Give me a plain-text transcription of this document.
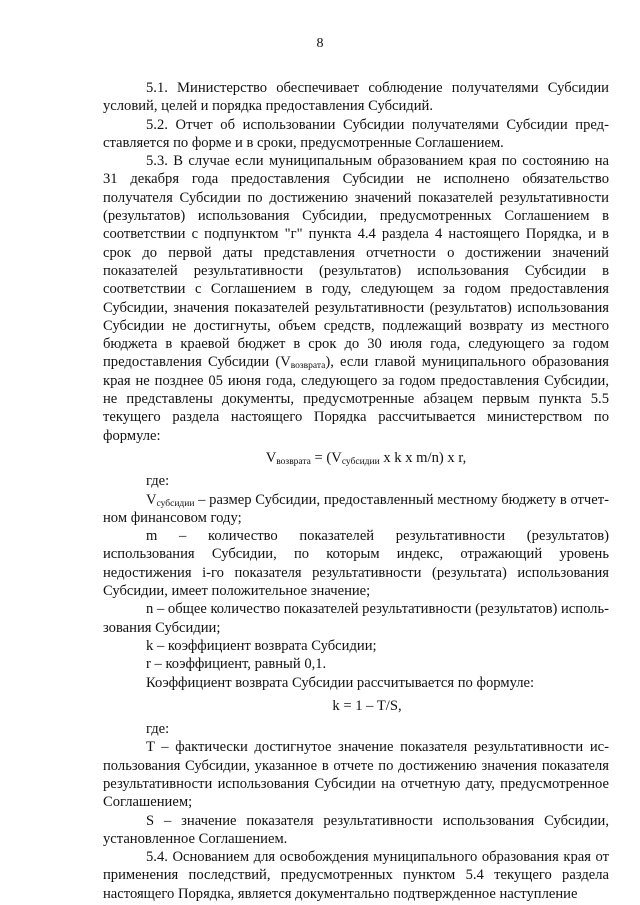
8

5.1. Министерство обеспечивает соблюдение получателями Субсидии условий, целей и порядка предоставления Субсидий.

5.2. Отчет об использовании Субсидии получателями Субсидии представляется по форме и в сроки, предусмотренные Соглашением.

5.3. В случае если муниципальным образованием края по состоянию на 31 декабря года предоставления Субсидии не исполнено обязательство получателя Субсидии по достижению значений показателей результативности (результатов) использования Субсидии, предусмотренных Соглашением в соответствии с подпунктом "г" пункта 4.4 раздела 4 настоящего Порядка, и в срок до первой даты представления отчетности о достижении значений показателей результативности (результатов) использования Субсидии в соответствии с Соглашением в году, следующем за годом предоставления Субсидии, значения показателей результативности (результатов) использования Субсидии не достигнуты, объем средств, подлежащий возврату из местного бюджета в краевой бюджет в срок до 30 июля года, следующего за годом предоставления Субсидии $(V_{возврата})$, если главой муниципального образования края не позднее 05 июня года, следующего за годом предоставления Субсидии, не представлены документы, предусмотренные абзацем первым пункта 5.5 текущего раздела настоящего Порядка рассчитывается министерством по формуле:

$V_{возврата} = (V_{субсидии}$ x k x m/n) x r,

где:

$V_{субсидии}$ – размер Субсидии, предоставленный местному бюджету в отчетном финансовом году;

m – количество показателей результативности (результатов) использования Субсидии, по которым индекс, отражающий уровень недостижения i-го показателя результативности (результата) использования Субсидии, имеет положительное значение;

n – общее количество показателей результативности (результатов) использования Субсидии;

k – коэффициент возврата Субсидии;

r – коэффициент, равный 0,1.

Коэффициент возврата Субсидии рассчитывается по формуле:

k = 1 – T/S,

где:

T – фактически достигнутое значение показателя результативности использования Субсидии, указанное в отчете по достижению значения показателя результативности использования Субсидии на отчетную дату, предусмотренное Соглашением;

S – значение показателя результативности использования Субсидии, установленное Соглашением.

5.4. Основанием для освобождения муниципального образования края от применения последствий, предусмотренных пунктом 5.4 текущего раздела настоящего Порядка, является документально подтвержденное наступление
